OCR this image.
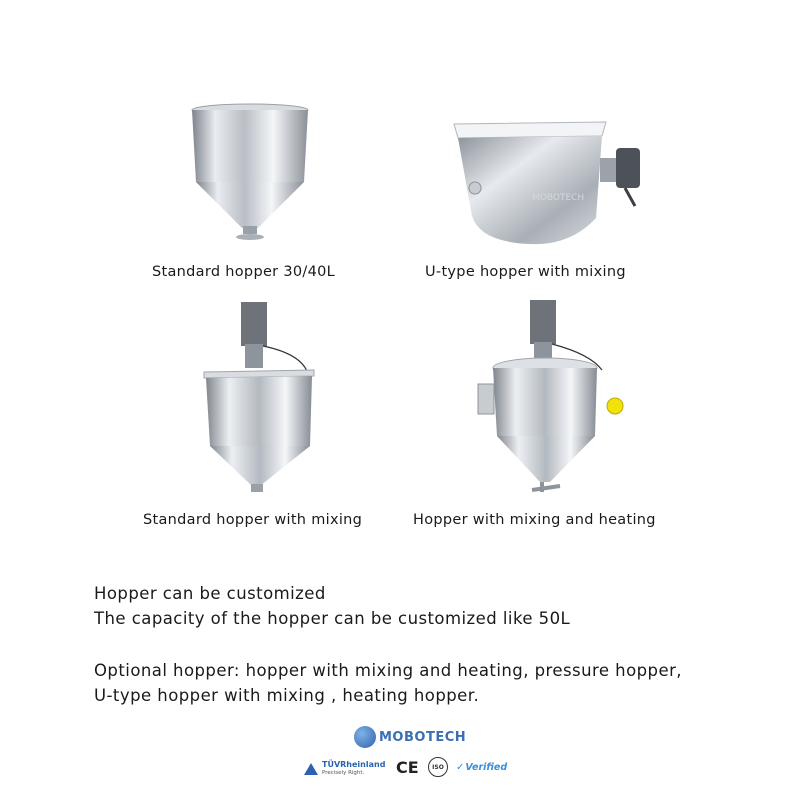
MOBOTECH
Standard hopper 30/40L	U-type hopper with mixing
Standard hopper with mixing	Hopper with mixing and heating
Hopper can be customized
The capacity of the hopper can be customized like 50L
Optional hopper: hopper with mixing and heating, pressure hopper,
U-type hopper with mixing , heating hopper.
MOBOTECH
TÜVRheinland
Precisely Right.	CE ISO ✓ Verified
